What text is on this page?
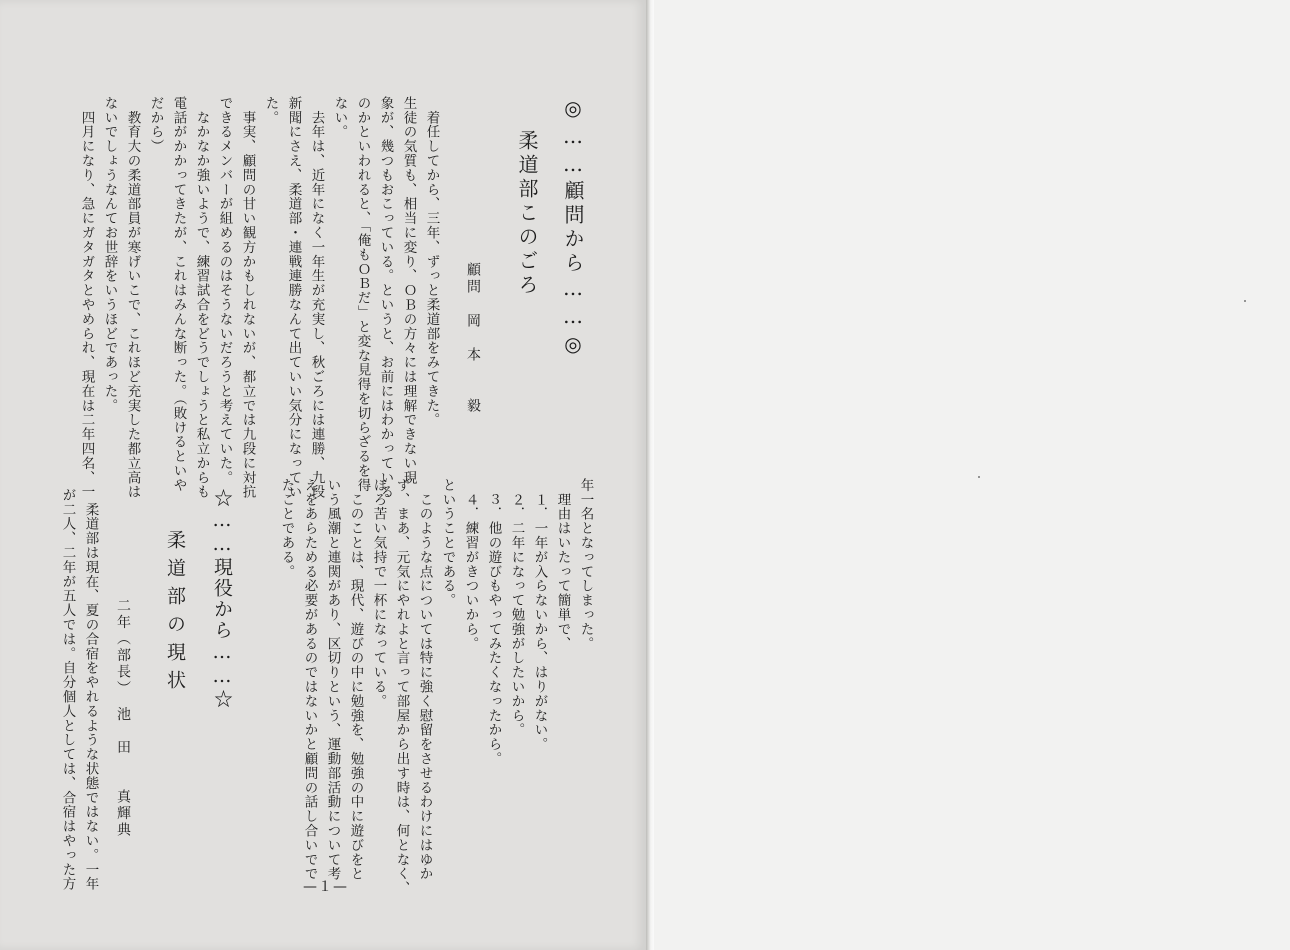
◎……顧問から……◎
柔道部このごろ
顧問　岡　本　　毅
　着任してから、三年、ずっと柔道部をみてきた。
生徒の気質も、相当に変り、ＯＢの方々には理解できない現
象が、幾つもおこっている。というと、お前にはわかっている
のかといわれると、「俺もＯＢだ」と変な見得を切らざるを得
ない。
　去年は、近年になく一年生が充実し、秋ごろには連勝、九段
新聞にさえ、柔道部・連戦連勝なんて出ていい気分になってい
た。
　事実、顧問の甘い観方かもしれないが、都立では九段に対抗
できるメンバーが組めるのはそうないだろうと考えていた。
　なかなか強いようで、練習試合をどうでしょうと私立からも
電話がかかってきたが、これはみんな断った。（敗けるといや
だから）
　教育大の柔道部員が寒げいこで、これほど充実した都立高は
ないでしょうなんてお世辞をいうほどであった。
　四月になり、急にガタガタとやめられ、現在は二年四名、一
年一名となってしまった。
　理由はいたって簡単で、
　１．一年が入らないから、はりがない。
　２．二年になって勉強がしたいから。
　３．他の遊びもやってみたくなったから。
　４．練習がきついから。
ということである。
　このような点については特に強く慰留をさせるわけにはゆか
ず、まあ、元気にやれよと言って部屋から出す時は、何となく、
ほろ苦い気持で一杯になっている。
　このことは、現代、遊びの中に勉強を、勉強の中に遊びをと
いう風潮と連関があり、区切りという、運動部活動について考
えをあらためる必要があるのではないかと顧問の話し合いでで
たことである。
☆……現役から……☆
柔道部の現状
二年（部長）　池　田　　真輝典
　柔道部は現在、夏の合宿をやれるような状態ではない。一年
が二人、二年が五人では。自分個人としては、合宿はやった方	—１—
